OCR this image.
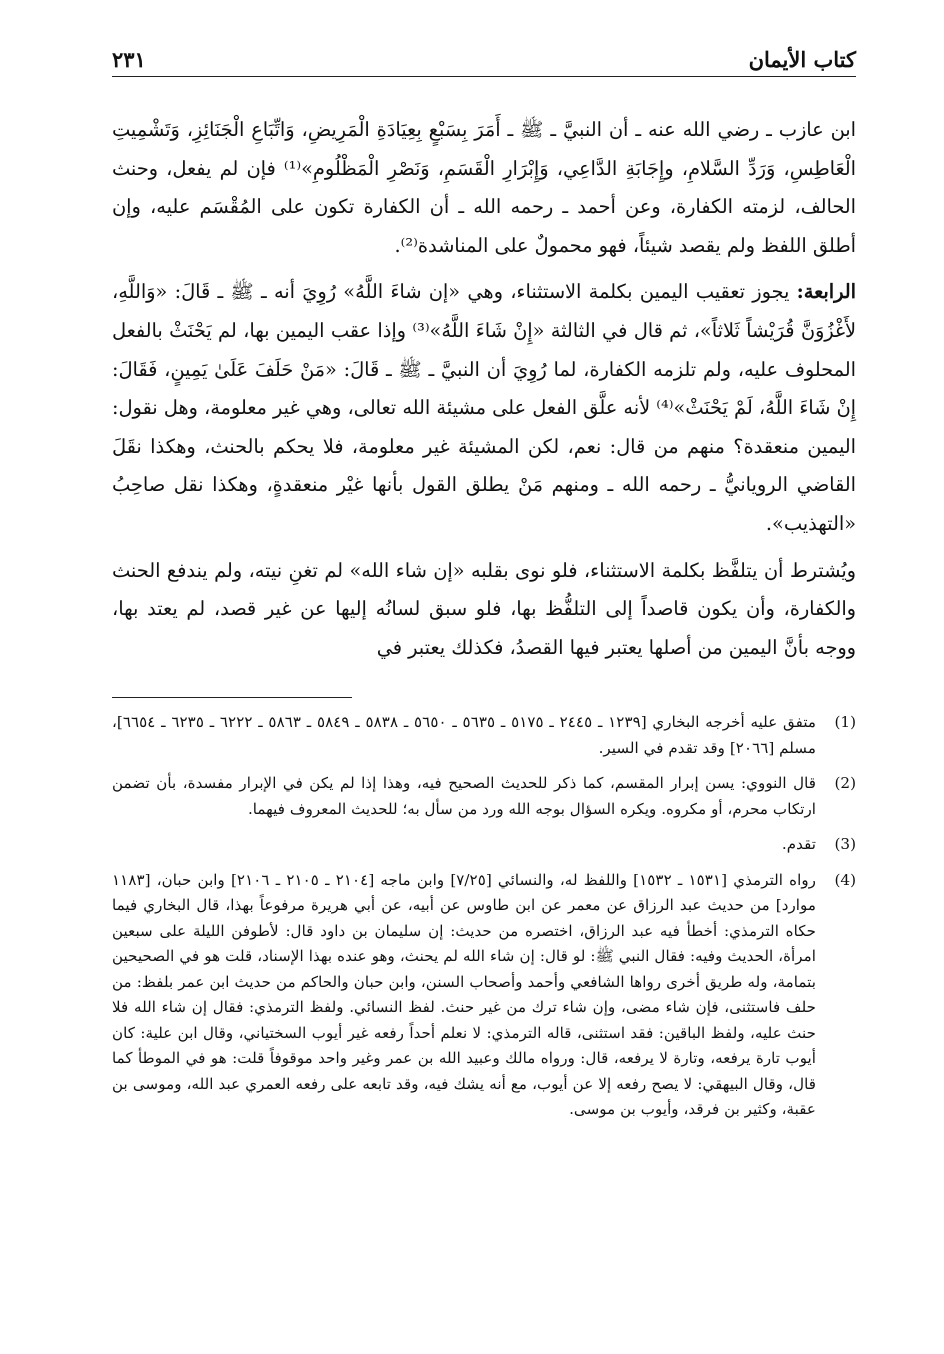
كتاب الأيمان
٢٣١

ابن عازب ـ رضي الله عنه ـ أن النبيَّ ـ ﷺ ـ أَمَرَ بِسَبْعٍ بِعِيَادَةِ الْمَرِيضِ، وَاتِّبَاعِ الْجَنَائِزِ، وَتَشْمِيتِ الْعَاطِسِ، وَرَدِّ السَّلامِ، وإِجَابَةِ الدَّاعِي، وَإِبْرَارِ الْقَسَمِ، وَنَصْرِ الْمَظْلُومِ»⁽¹⁾ فإن لم يفعل، وحنث الحالف، لزمته الكفارة، وعن أحمد ـ رحمه الله ـ أن الكفارة تكون على المُقْسَم عليه، وإن أطلق اللفظ ولم يقصد شيئاً، فهو محمولٌ على المناشدة⁽²⁾.

الرابعة: يجوز تعقيب اليمين بكلمة الاستثناء، وهي «إن شاءَ اللَّهُ» رُوِيَ أنه ـ ﷺ ـ قَالَ: «وَاللَّهِ، لأَغْزُوَنَّ قُرَيْشاً ثَلاثاً»، ثم قال في الثالثة «إِنْ شَاءَ اللَّهُ»⁽³⁾ وإذا عقب اليمين بها، لم يَحْنَثْ بالفعل المحلوف عليه، ولم تلزمه الكفارة، لما رُوِيَ أن النبيَّ ـ ﷺ ـ قَالَ: «مَنْ حَلَفَ عَلَىٰ يَمِينٍ، فَقَالَ: إِنْ شَاءَ اللَّهُ، لَمْ يَحْنَثْ»⁽⁴⁾ لأنه علَّق الفعل على مشيئة الله تعالى، وهي غير معلومة، وهل نقول: اليمين منعقدة؟ منهم من قال: نعم، لكن المشيئة غير معلومة، فلا يحكم بالحنث، وهكذا نقَلَ القاضي الرويانيُّ ـ رحمه الله ـ ومنهم مَنْ يطلق القول بأنها غيْر منعقدةٍ، وهكذا نقل صاحِبُ «التهذيب».

ويُشترط أن يتلفَّظ بكلمة الاستثناء، فلو نوى بقلبه «إن شاء الله» لم تغنِ نيته، ولم يندفع الحنث والكفارة، وأن يكون قاصداً إلى التلفُّظ بها، فلو سبق لسانُه إليها عن غير قصد، لم يعتد بها، ووجه بأنَّ اليمين من أصلها يعتبر فيها القصدُ، فكذلك يعتبر في

( 1 )
متفق عليه أخرجه البخاري [١٢٣٩ ـ ٢٤٤٥ ـ ٥١٧٥ ـ ٥٦٣٥ ـ ٥٦٥٠ ـ ٥٨٣٨ ـ ٥٨٤٩ ـ ٥٨٦٣ ـ ٦٢٢٢ ـ ٦٢٣٥ ـ ٦٦٥٤]، مسلم [٢٠٦٦] وقد تقدم في السير.
( 2 )
قال النووي: يسن إبرار المقسم، كما ذكر للحديث الصحيح فيه، وهذا إذا لم يكن في الإبرار مفسدة، بأن تضمن ارتكاب محرم، أو مكروه. ويكره السؤال بوجه الله ورد من سأل به؛ للحديث المعروف فيهما.
( 3 )
تقدم.
( 4 )
رواه الترمذي [١٥٣١ ـ ١٥٣٢] واللفظ له، والنسائي [٧/٢٥] وابن ماجه [٢١٠٤ ـ ٢١٠٥ ـ ٢١٠٦] وابن حبان، [١١٨٣ موارد] من حديث عبد الرزاق عن معمر عن ابن طاوس عن أبيه، عن أبي هريرة مرفوعاً بهذا، قال البخاري فيما حكاه الترمذي: أخطأ فيه عبد الرزاق، اختصره من حديث: إن سليمان بن داود قال: لأطوفن الليلة على سبعين امرأة، الحديث وفيه: فقال النبي ﷺ: لو قال: إن شاء الله لم يحنث، وهو عنده بهذا الإسناد، قلت هو في الصحيحين بتمامة، وله طريق أخرى رواها الشافعي وأحمد وأصحاب السنن، وابن حبان والحاكم من حديث ابن عمر بلفظ: من حلف فاستثنى، فإن شاء مضى، وإن شاء ترك من غير حنث. لفظ النسائي. ولفظ الترمذي: فقال إن شاء الله فلا حنث عليه، ولفظ الباقين: فقد استثنى، قاله الترمذي: لا نعلم أحداً رفعه غير أيوب السختياني، وقال ابن علية: كان أيوب تارة يرفعه، وتارة لا يرفعه، قال: ورواه مالك وعبيد الله بن عمر وغير واحد موقوفاً قلت: هو في الموطأ كما قال، وقال البيهقي: لا يصح رفعه إلا عن أيوب، مع أنه يشك فيه، وقد تابعه على رفعه العمري عبد الله، وموسى بن عقبة، وكثير بن فرقد، وأيوب بن موسى.
